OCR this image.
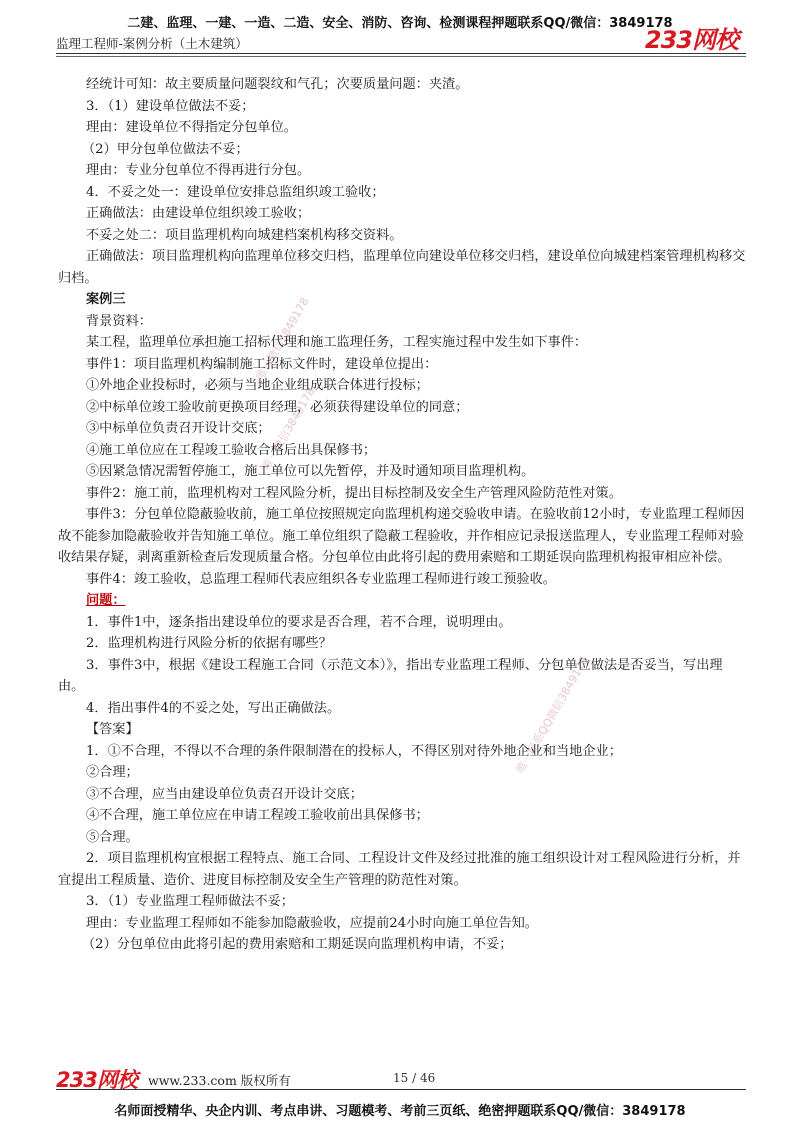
二建、监理、一建、一造、二造、安全、消防、咨询、检测课程押题联系QQ/微信：3849178
监理工程师-案例分析（土木建筑）	233网校
唯一微信3849178
唯一微信3849178
唯一联系QQ微信3849178

经统计可知：故主要质量问题裂纹和气孔；次要质量问题：夹渣。

3．（1）建设单位做法不妥；

理由：建设单位不得指定分包单位。

（2）甲分包单位做法不妥；

理由：专业分包单位不得再进行分包。

4．不妥之处一：建设单位安排总监组织竣工验收；

正确做法：由建设单位组织竣工验收；

不妥之处二：项目监理机构向城建档案机构移交资料。

正确做法：项目监理机构向监理单位移交归档，监理单位向建设单位移交归档，建设单位向城建档案管理机构移交归档。

案例三

背景资料：

某工程，监理单位承担施工招标代理和施工监理任务，工程实施过程中发生如下事件：

事件1：项目监理机构编制施工招标文件时，建设单位提出：

①外地企业投标时，必须与当地企业组成联合体进行投标；

②中标单位竣工验收前更换项目经理，必须获得建设单位的同意；

③中标单位负责召开设计交底；

④施工单位应在工程竣工验收合格后出具保修书；

⑤因紧急情况需暂停施工，施工单位可以先暂停，并及时通知项目监理机构。

事件2：施工前，监理机构对工程风险分析，提出目标控制及安全生产管理风险防范性对策。

事件3：分包单位隐蔽验收前，施工单位按照规定向监理机构递交验收申请。在验收前12小时，专业监理工程师因故不能参加隐蔽验收并告知施工单位。施工单位组织了隐蔽工程验收，并作相应记录报送监理人，专业监理工程师对验收结果存疑，剥离重新检查后发现质量合格。分包单位由此将引起的费用索赔和工期延误向监理机构报审相应补偿。

事件4：竣工验收，总监理工程师代表应组织各专业监理工程师进行竣工预验收。

问题：

1．事件1中，逐条指出建设单位的要求是否合理，若不合理，说明理由。

2．监理机构进行风险分析的依据有哪些？

3．事件3中，根据《建设工程施工合同（示范文本）》，指出专业监理工程师、分包单位做法是否妥当，写出理由。

4．指出事件4的不妥之处，写出正确做法。

【答案】

1．①不合理，不得以不合理的条件限制潜在的投标人，不得区别对待外地企业和当地企业；

②合理；

③不合理，应当由建设单位负责召开设计交底；

④不合理，施工单位应在申请工程竣工验收前出具保修书；

⑤合理。

2．项目监理机构宜根据工程特点、施工合同、工程设计文件及经过批准的施工组织设计对工程风险进行分析，并宜提出工程质量、造价、进度目标控制及安全生产管理的防范性对策。

3．（1）专业监理工程师做法不妥；

理由：专业监理工程师如不能参加隐蔽验收，应提前24小时向施工单位告知。

（2）分包单位由此将引起的费用索赔和工期延误向监理机构申请，不妥；

233网校 www.233.com 版权所有	15 / 46
名师面授精华、央企内训、考点串讲、习题模考、考前三页纸、绝密押题联系QQ/微信：3849178
